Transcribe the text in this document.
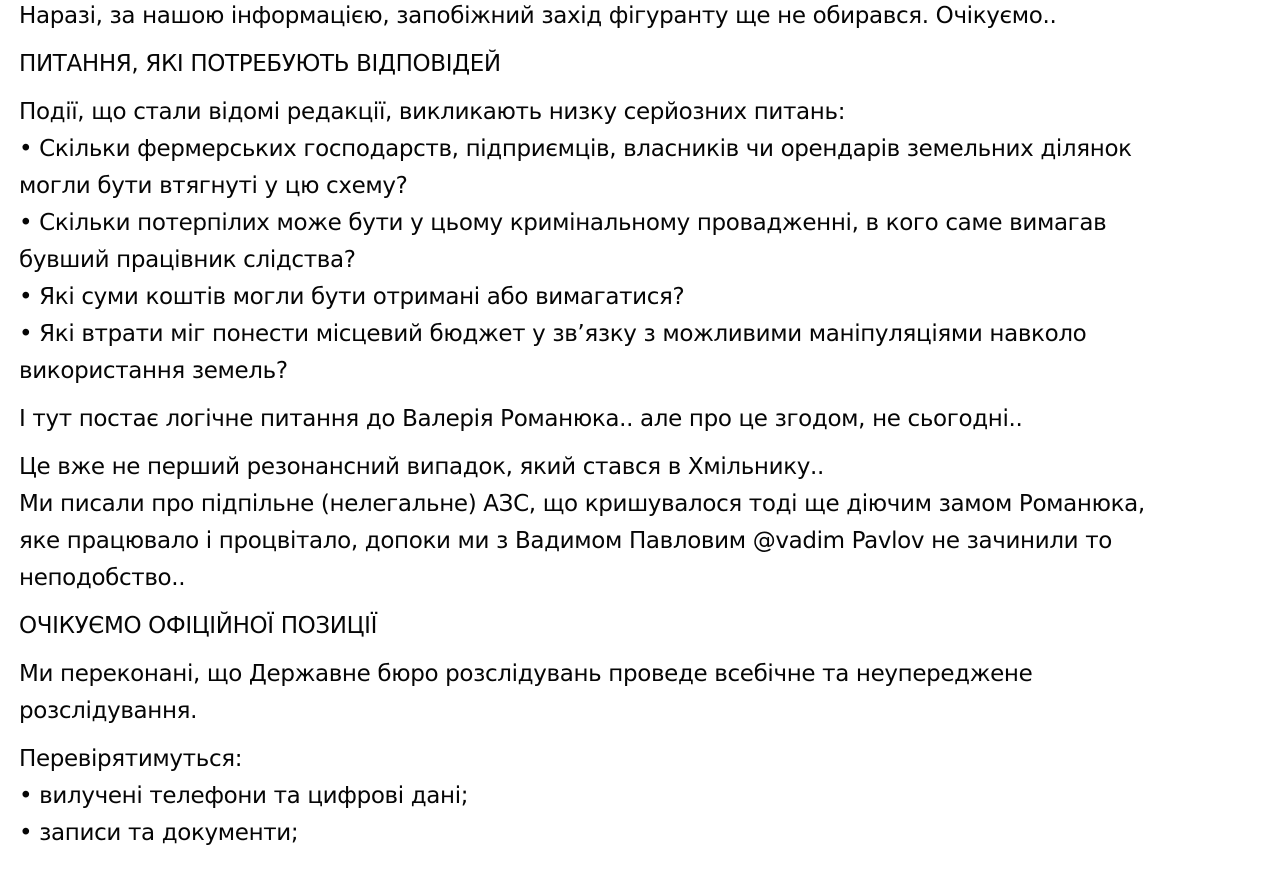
Наразі, за нашою інформацією, запобіжний захід фігуранту ще не обирався. Очікуємо..
ПИТАННЯ, ЯКІ ПОТРЕБУЮТЬ ВІДПОВІДЕЙ
Події, що стали відомі редакції, викликають низку серйозних питань:
• Скільки фермерських господарств, підприємців, власників чи орендарів земельних ділянок
могли бути втягнуті у цю схему?
• Скільки потерпілих може бути у цьому кримінальному провадженні, в кого саме вимагав
бувший працівник слідства?
• Які суми коштів могли бути отримані або вимагатися?
• Які втрати міг понести місцевий бюджет у зв’язку з можливими маніпуляціями навколо
використання земель?
І тут постає логічне питання до Валерія Романюка.. але про це згодом, не сьогодні..
Це вже не перший резонансний випадок, який стався в Хмільнику..
Ми писали про підпільне (нелегальне) АЗС, що кришувалося тоді ще діючим замом Романюка,
яке працювало і процвітало, допоки ми з Вадимом Павловим @vadim Pavlov не зачинили то
неподобство..
ОЧІКУЄМО ОФІЦІЙНОЇ ПОЗИЦІЇ
Ми переконані, що Державне бюро розслідувань проведе всебічне та неупереджене
розслідування.
Перевірятимуться:
• вилучені телефони та цифрові дані;
• записи та документи;
